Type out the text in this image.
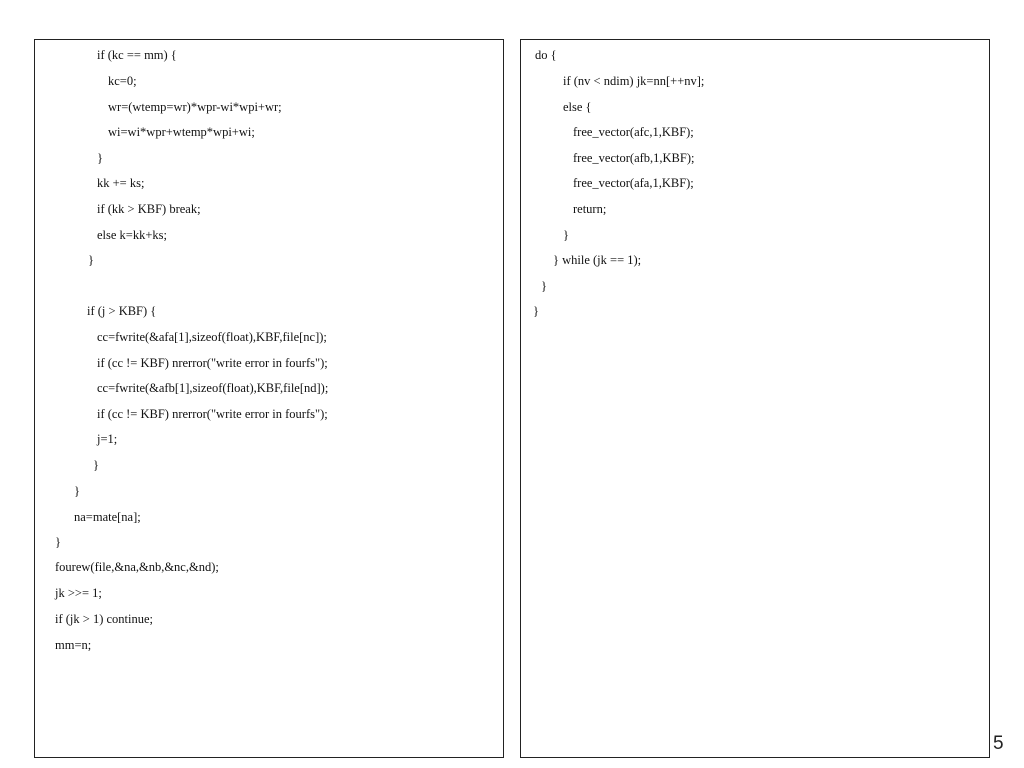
5
if (kc == mm) {
kc=0;
wr=(wtemp=wr)*wpr-wi*wpi+wr;
wi=wi*wpr+wtemp*wpi+wi;
}
kk += ks;
if (kk > KBF) break;
else k=kk+ks;
}
if (j > KBF) {
cc=fwrite(&afa[1],sizeof(float),KBF,file[nc]);
if (cc != KBF) nrerror("write error in fourfs");
cc=fwrite(&afb[1],sizeof(float),KBF,file[nd]);
if (cc != KBF) nrerror("write error in fourfs");
j=1;
}
}
na=mate[na];
}
fourew(file,&na,&nb,&nc,&nd);
jk >>= 1;
if (jk > 1) continue;
mm=n;
do {
if (nv < ndim) jk=nn[++nv];
else {
free_vector(afc,1,KBF);
free_vector(afb,1,KBF);
free_vector(afa,1,KBF);
return;
}
} while (jk == 1);
}
}
